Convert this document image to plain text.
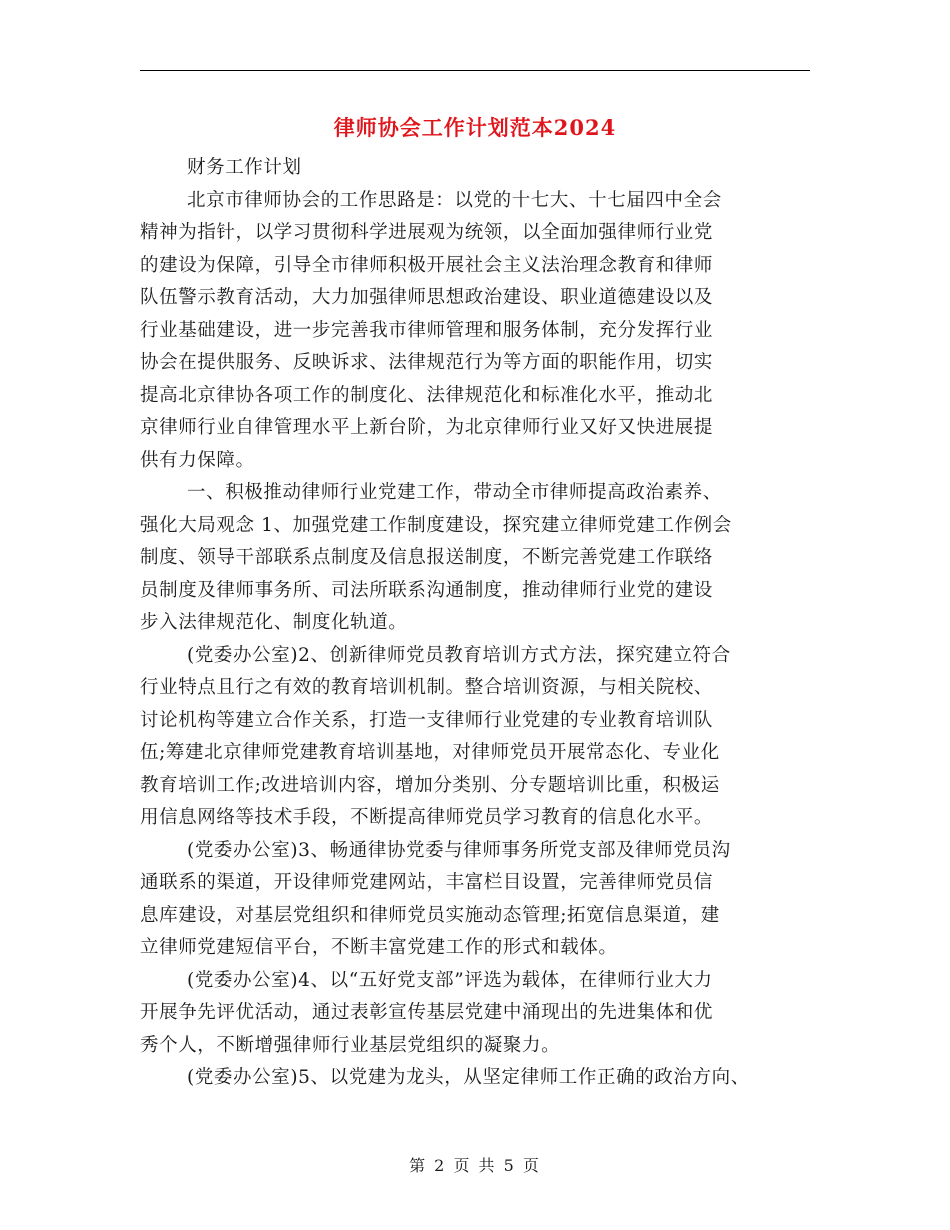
律师协会工作计划范本2024
财务工作计划
北京市律师协会的工作思路是：以党的十七大、十七届四中全会
精神为指针，以学习贯彻科学进展观为统领，以全面加强律师行业党
的建设为保障，引导全市律师积极开展社会主义法治理念教育和律师
队伍警示教育活动，大力加强律师思想政治建设、职业道德建设以及
行业基础建设，进一步完善我市律师管理和服务体制，充分发挥行业
协会在提供服务、反映诉求、法律规范行为等方面的职能作用，切实
提高北京律协各项工作的制度化、法律规范化和标准化水平，推动北
京律师行业自律管理水平上新台阶，为北京律师行业又好又快进展提
供有力保障。
一、积极推动律师行业党建工作，带动全市律师提高政治素养、
强化大局观念 1、加强党建工作制度建设，探究建立律师党建工作例会
制度、领导干部联系点制度及信息报送制度，不断完善党建工作联络
员制度及律师事务所、司法所联系沟通制度，推动律师行业党的建设
步入法律规范化、制度化轨道。
(党委办公室)2、创新律师党员教育培训方式方法，探究建立符合
行业特点且行之有效的教育培训机制。整合培训资源，与相关院校、
讨论机构等建立合作关系，打造一支律师行业党建的专业教育培训队
伍;筹建北京律师党建教育培训基地，对律师党员开展常态化、专业化
教育培训工作;改进培训内容，增加分类别、分专题培训比重，积极运
用信息网络等技术手段，不断提高律师党员学习教育的信息化水平。
(党委办公室)3、畅通律协党委与律师事务所党支部及律师党员沟
通联系的渠道，开设律师党建网站，丰富栏目设置，完善律师党员信
息库建设，对基层党组织和律师党员实施动态管理;拓宽信息渠道，建
立律师党建短信平台，不断丰富党建工作的形式和载体。
(党委办公室)4、以“五好党支部”评选为载体，在律师行业大力
开展争先评优活动，通过表彰宣传基层党建中涌现出的先进集体和优
秀个人，不断增强律师行业基层党组织的凝聚力。
(党委办公室)5、以党建为龙头，从坚定律师工作正确的政治方向、
第 2 页 共 5 页
